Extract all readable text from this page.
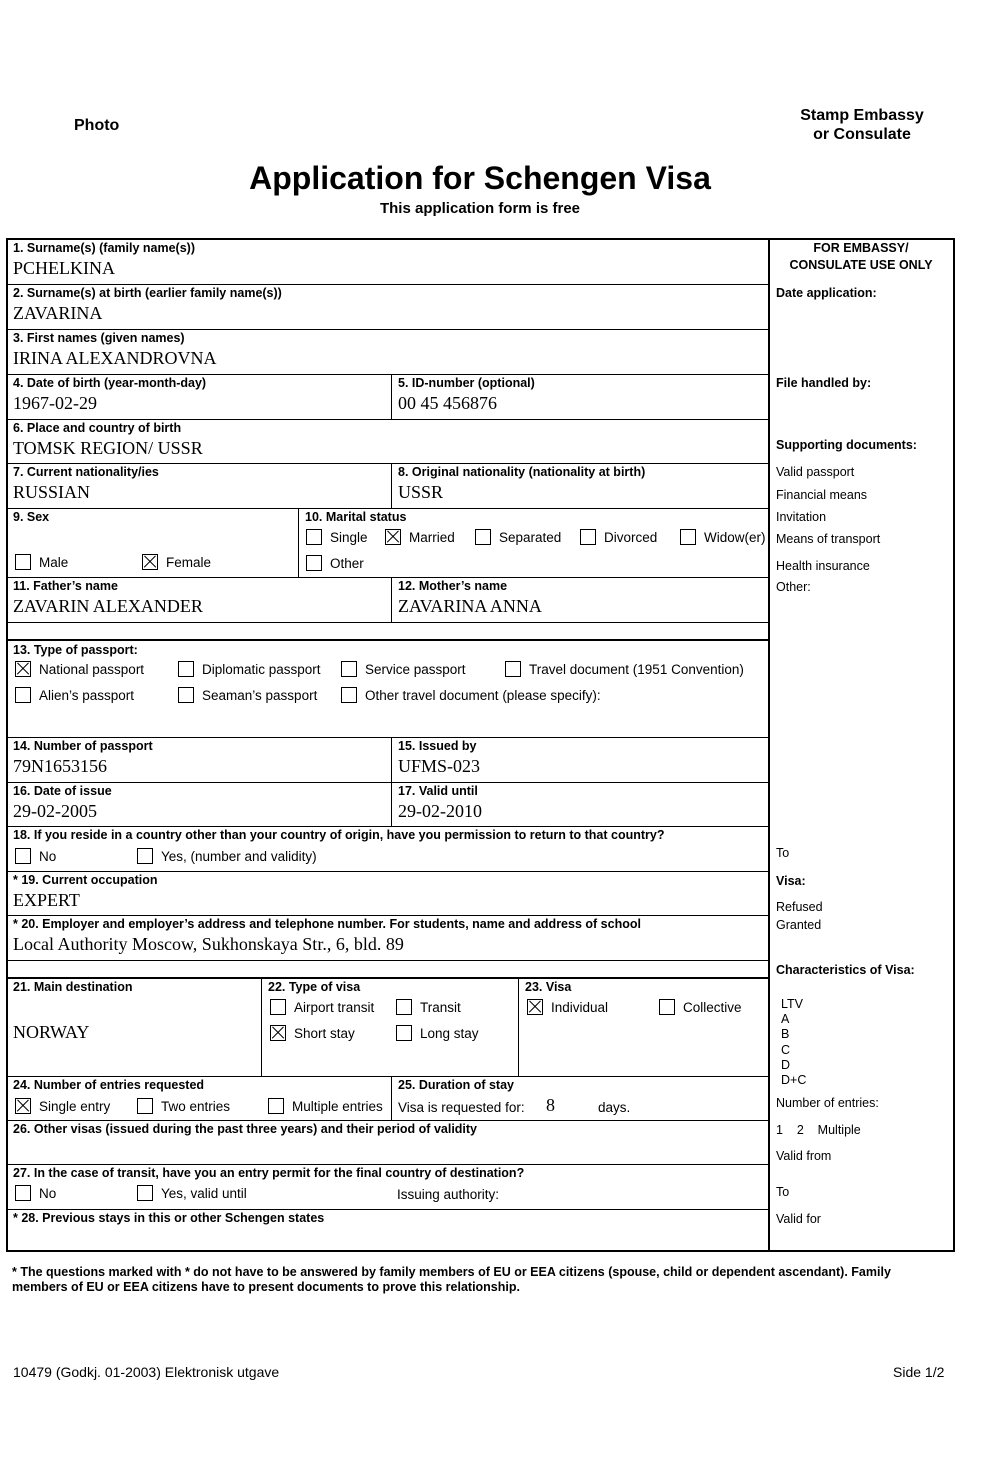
Photo
Stamp Embassy
or Consulate
Application for Schengen Visa
This application form is free
1. Surname(s) (family name(s))
PCHELKINA
2. Surname(s) at birth (earlier family name(s))
ZAVARINA
3. First names (given names)
IRINA ALEXANDROVNA
4. Date of birth (year-month-day)
1967-02-29
5. ID-number (optional)
00 45 456876
6. Place and country of birth
TOMSK REGION/ USSR
7. Current nationality/ies
RUSSIAN
8. Original nationality (nationality at birth)
USSR
9. Sex
Male	Female
10. Marital status
Single	Married	Separated	Divorced	Widow(er)
Other
11. Father’s name
ZAVARIN ALEXANDER
12. Mother’s name
ZAVARINA ANNA
13. Type of passport:
National passport	Diplomatic passport	Service passport	Travel document (1951 Convention)
Alien’s passport	Seaman’s passport	Other travel document (please specify):
14. Number of passport
79N1653156
15. Issued by
UFMS-023
16. Date of issue
29-02-2005
17. Valid until
29-02-2010
18. If you reside in a country other than your country of origin, have you permission to return to that country?
No	Yes, (number and validity)
* 19. Current occupation
EXPERT
* 20. Employer and employer’s address and telephone number. For students, name and address of school
Local Authority Moscow, Sukhonskaya Str., 6, bld. 89
21. Main destination
NORWAY
22. Type of visa
Airport transit	Transit
Short stay	Long stay
23. Visa
Individual	Collective
24. Number of entries requested
Single entry	Two entries	Multiple entries
25. Duration of stay
Visa is requested for: 8	days.
26. Other visas (issued during the past three years) and their period of validity
27. In the case of transit, have you an entry permit for the final country of destination?
No	Yes, valid until	Issuing authority:
* 28. Previous stays in this or other Schengen states
FOR EMBASSY/
CONSULATE USE ONLY
Date application:
File handled by:
Supporting documents:
Valid passport
Financial means
Invitation
Means of transport
Health insurance
Other:
To
Visa:
Refused
Granted
Characteristics of Visa:
LTV
A
B
C
D
D+C
Number of entries:
1    2    Multiple
Valid from
To
Valid for
* The questions marked with * do not have to be answered by family members of EU or EEA citizens (spouse, child or dependent ascendant). Family members of EU or EEA citizens have to present documents to prove this relationship.
10479 (Godkj. 01-2003) Elektronisk utgave	Side 1/2
